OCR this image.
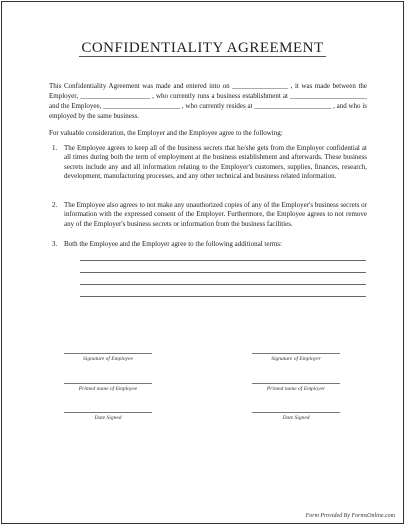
CONFIDENTIALITY AGREEMENT
This Confidentiality Agreement was made and entered into on ________________ , it was made between the Employer, ____________________ , who currently runs a business establishment at ______________________ and the Employee, ______________________ , who currently resides at ______________________ , and who is employed by the same business.
For valuable consideration, the Employer and the Employee agree to the following:
1. The Employee agrees to keep all of the business secrets that he/she gets from the Employer confidential at all times during both the term of employment at the business establishment and afterwards. These business secrets include any and all information relating to the Employer's customers, supplies, finances, research, development, manufacturing processes, and any other technical and business related information.
2. The Employee also agrees to not make any unauthorized copies of any of the Employer's business secrets or information with the expressed consent of the Employer. Furthermore, the Employee agrees to not remove any of the Employer's business secrets or information from the business facilities.
3. Both the Employee and the Employer agree to the following additional terms:
Signature of Employee	Signature of Employer
Printed name of Employee	Printed name of Employer
Date Signed	Date Signed
Form Provided By FormsOnline.com
